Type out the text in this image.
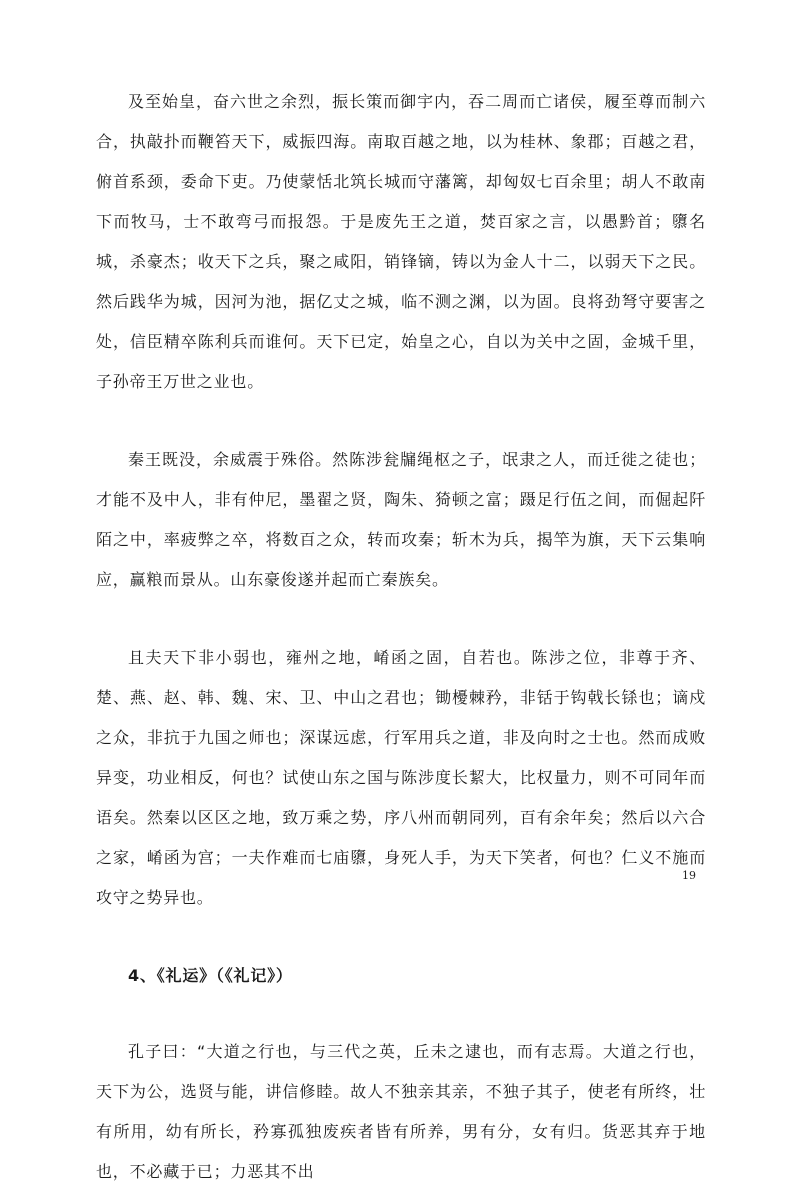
及至始皇，奋六世之余烈，振长策而御宇内，吞二周而亡诸侯，履至尊而制六合，执敲扑而鞭笞天下，威振四海。南取百越之地，以为桂林、象郡；百越之君，俯首系颈，委命下吏。乃使蒙恬北筑长城而守藩篱，却匈奴七百余里；胡人不敢南下而牧马，士不敢弯弓而报怨。于是废先王之道，焚百家之言，以愚黔首；隳名城，杀豪杰；收天下之兵，聚之咸阳，销锋镝，铸以为金人十二，以弱天下之民。然后践华为城，因河为池，据亿丈之城，临不测之渊，以为固。良将劲弩守要害之处，信臣精卒陈利兵而谁何。天下已定，始皇之心，自以为关中之固，金城千里，子孙帝王万世之业也。

秦王既没，余威震于殊俗。然陈涉瓮牖绳枢之子，氓隶之人，而迁徙之徒也；才能不及中人，非有仲尼，墨翟之贤，陶朱、猗顿之富；蹑足行伍之间，而倔起阡陌之中，率疲弊之卒，将数百之众，转而攻秦；斩木为兵，揭竿为旗，天下云集响应，赢粮而景从。山东豪俊遂并起而亡秦族矣。

且夫天下非小弱也，雍州之地，崤函之固，自若也。陈涉之位，非尊于齐、楚、燕、赵、韩、魏、宋、卫、中山之君也；锄櫌棘矜，非铦于钩戟长铩也；谪戍之众，非抗于九国之师也；深谋远虑，行军用兵之道，非及向时之士也。然而成败异变，功业相反，何也？试使山东之国与陈涉度长絜大，比权量力，则不可同年而语矣。然秦以区区之地，致万乘之势，序八州而朝同列，百有余年矣；然后以六合之家，崤函为宫；一夫作难而七庙隳，身死人手，为天下笑者，何也？仁义不施而攻守之势异也。

4、《礼运》（《礼记》）

孔子曰：“大道之行也，与三代之英，丘未之逮也，而有志焉。大道之行也，天下为公，选贤与能，讲信修睦。故人不独亲其亲，不独子其子，使老有所终，壮有所用，幼有所长，矜寡孤独废疾者皆有所养，男有分，女有归。货恶其弃于地也，不必藏于已；力恶其不出

19
